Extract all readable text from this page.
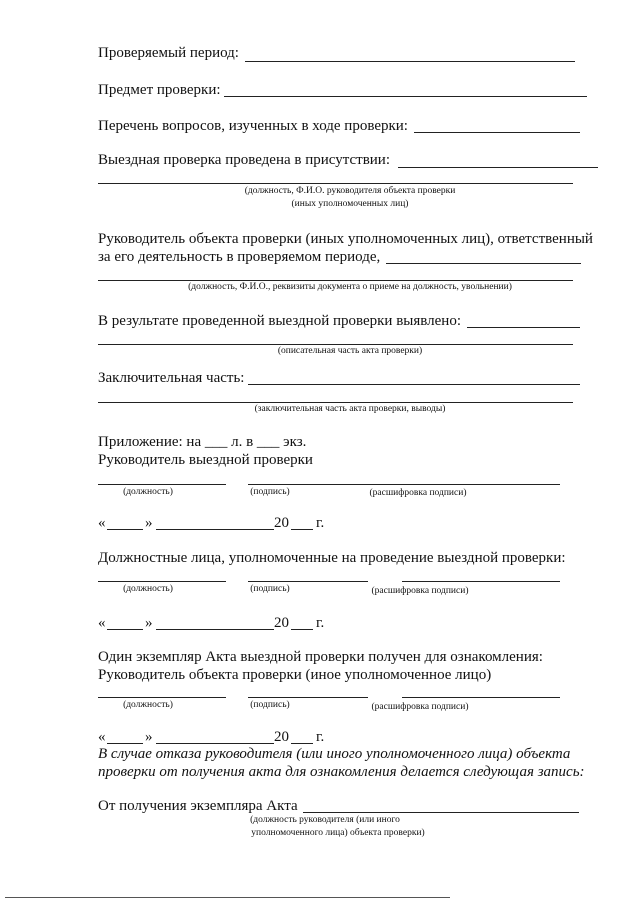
Проверяемый период:
Предмет проверки:
Перечень вопросов, изученных в ходе проверки:
Выездная проверка проведена в присутствии:
(должность, Ф.И.О. руководителя объекта проверки
(иных уполномоченных лиц)
Руководитель объекта проверки (иных уполномоченных лиц), ответственный
за его деятельность в проверяемом периоде,
(должность, Ф.И.О., реквизиты документа о приеме на должность, увольнении)
В результате проведенной выездной проверки выявлено:
(описательная часть акта проверки)
Заключительная часть:
(заключительная часть акта проверки, выводы)
Приложение: на ___ л. в ___ экз.
Руководитель выездной проверки
(должность)	(подпись)	(расшифровка подписи)
«	»	20 г.
Должностные лица, уполномоченные на проведение выездной проверки:
(должность)	(подпись)	(расшифровка подписи)
«	»	20 г.
Один экземпляр Акта выездной проверки получен для ознакомления:
Руководитель объекта проверки (иное уполномоченное лицо)
(должность)	(подпись)	(расшифровка подписи)
«	»	20 г.
В случае отказа руководителя (или иного уполномоченного лица) объекта
проверки от получения акта для ознакомления делается следующая запись:
От получения экземпляра Акта
(должность руководителя (или иного
уполномоченного лица) объекта проверки)
